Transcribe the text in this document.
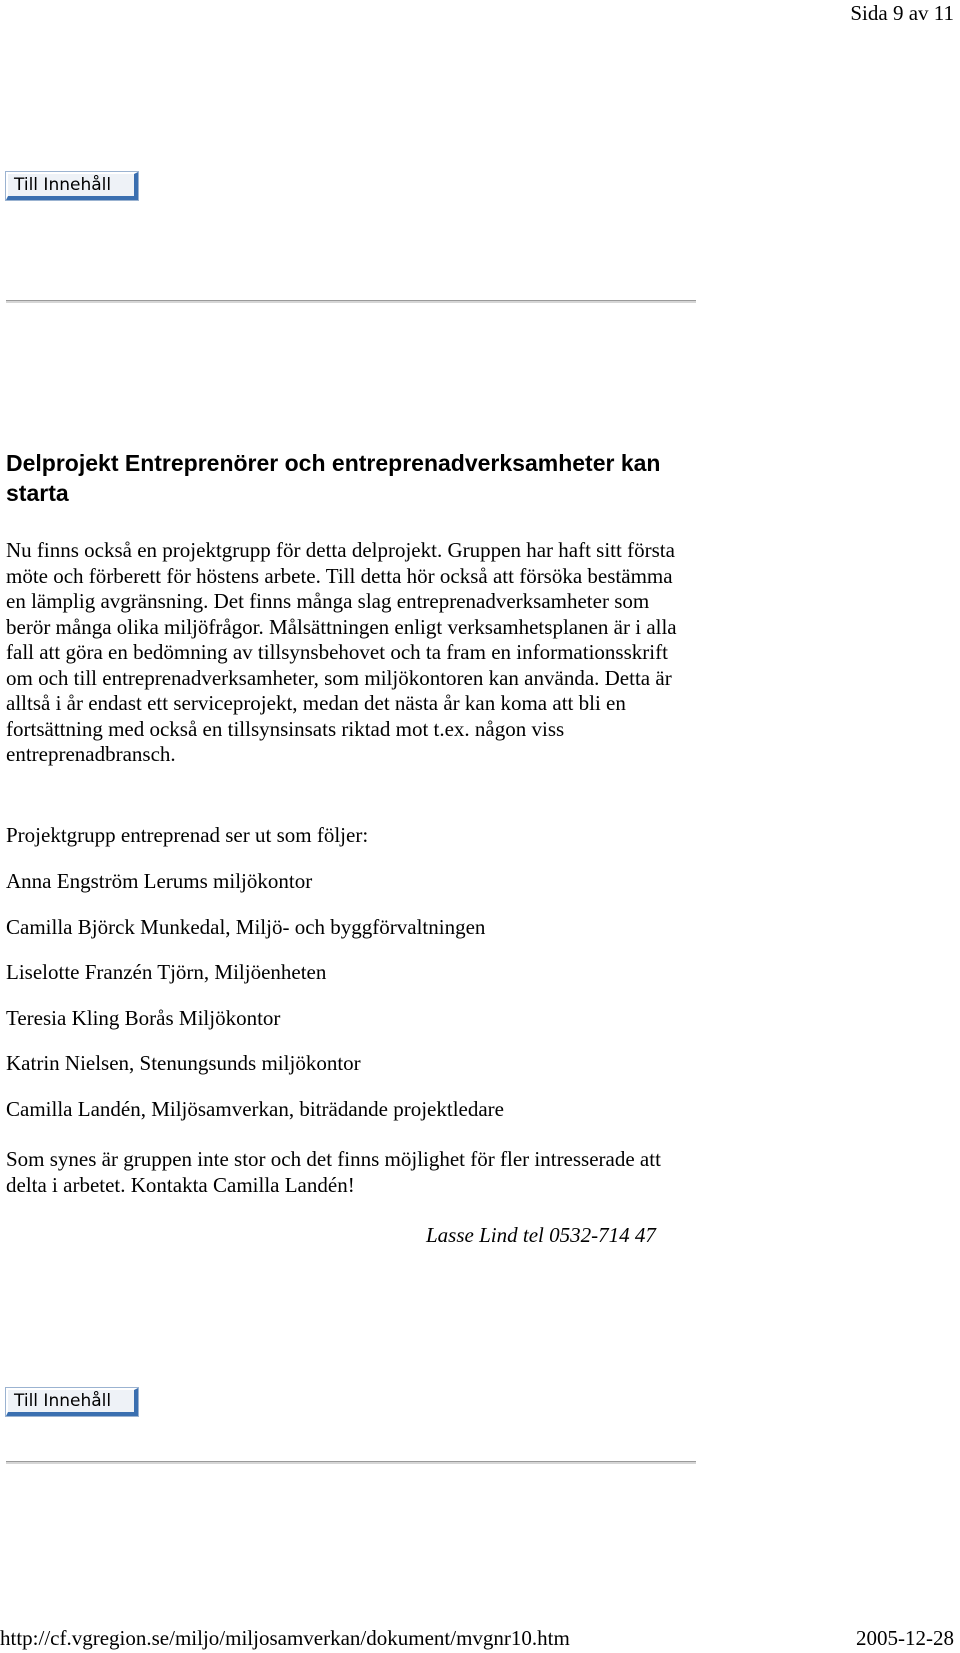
Sida 9 av 11
Till Innehåll
Delprojekt Entreprenörer och entreprenadverksamheter kan starta

Nu finns också en projektgrupp för detta delprojekt. Gruppen har haft sitt första möte och förberett för höstens arbete. Till detta hör också att försöka bestämma en lämplig avgränsning. Det finns många slag entreprenadverksamheter som berör många olika miljöfrågor. Målsättningen enligt verksamhetsplanen är i alla fall att göra en bedömning av tillsynsbehovet och ta fram en informationsskrift om och till entreprenadverksamheter, som miljökontoren kan använda. Detta är alltså i år endast ett serviceprojekt, medan det nästa år kan koma att bli en fortsättning med också en tillsynsinsats riktad mot t.ex. någon viss entreprenadbransch.

Projektgrupp entreprenad ser ut som följer:

Anna Engström Lerums miljökontor

Camilla Björck Munkedal, Miljö- och byggförvaltningen

Liselotte Franzén Tjörn, Miljöenheten

Teresia Kling Borås Miljökontor

Katrin Nielsen, Stenungsunds miljökontor

Camilla Landén, Miljösamverkan, biträdande projektledare

Som synes är gruppen inte stor och det finns möjlighet för fler intresserade att delta i arbetet. Kontakta Camilla Landén!

Lasse Lind tel 0532-714 47

Till Innehåll
http://cf.vgregion.se/miljo/miljosamverkan/dokument/mvgnr10.htm	2005-12-28
